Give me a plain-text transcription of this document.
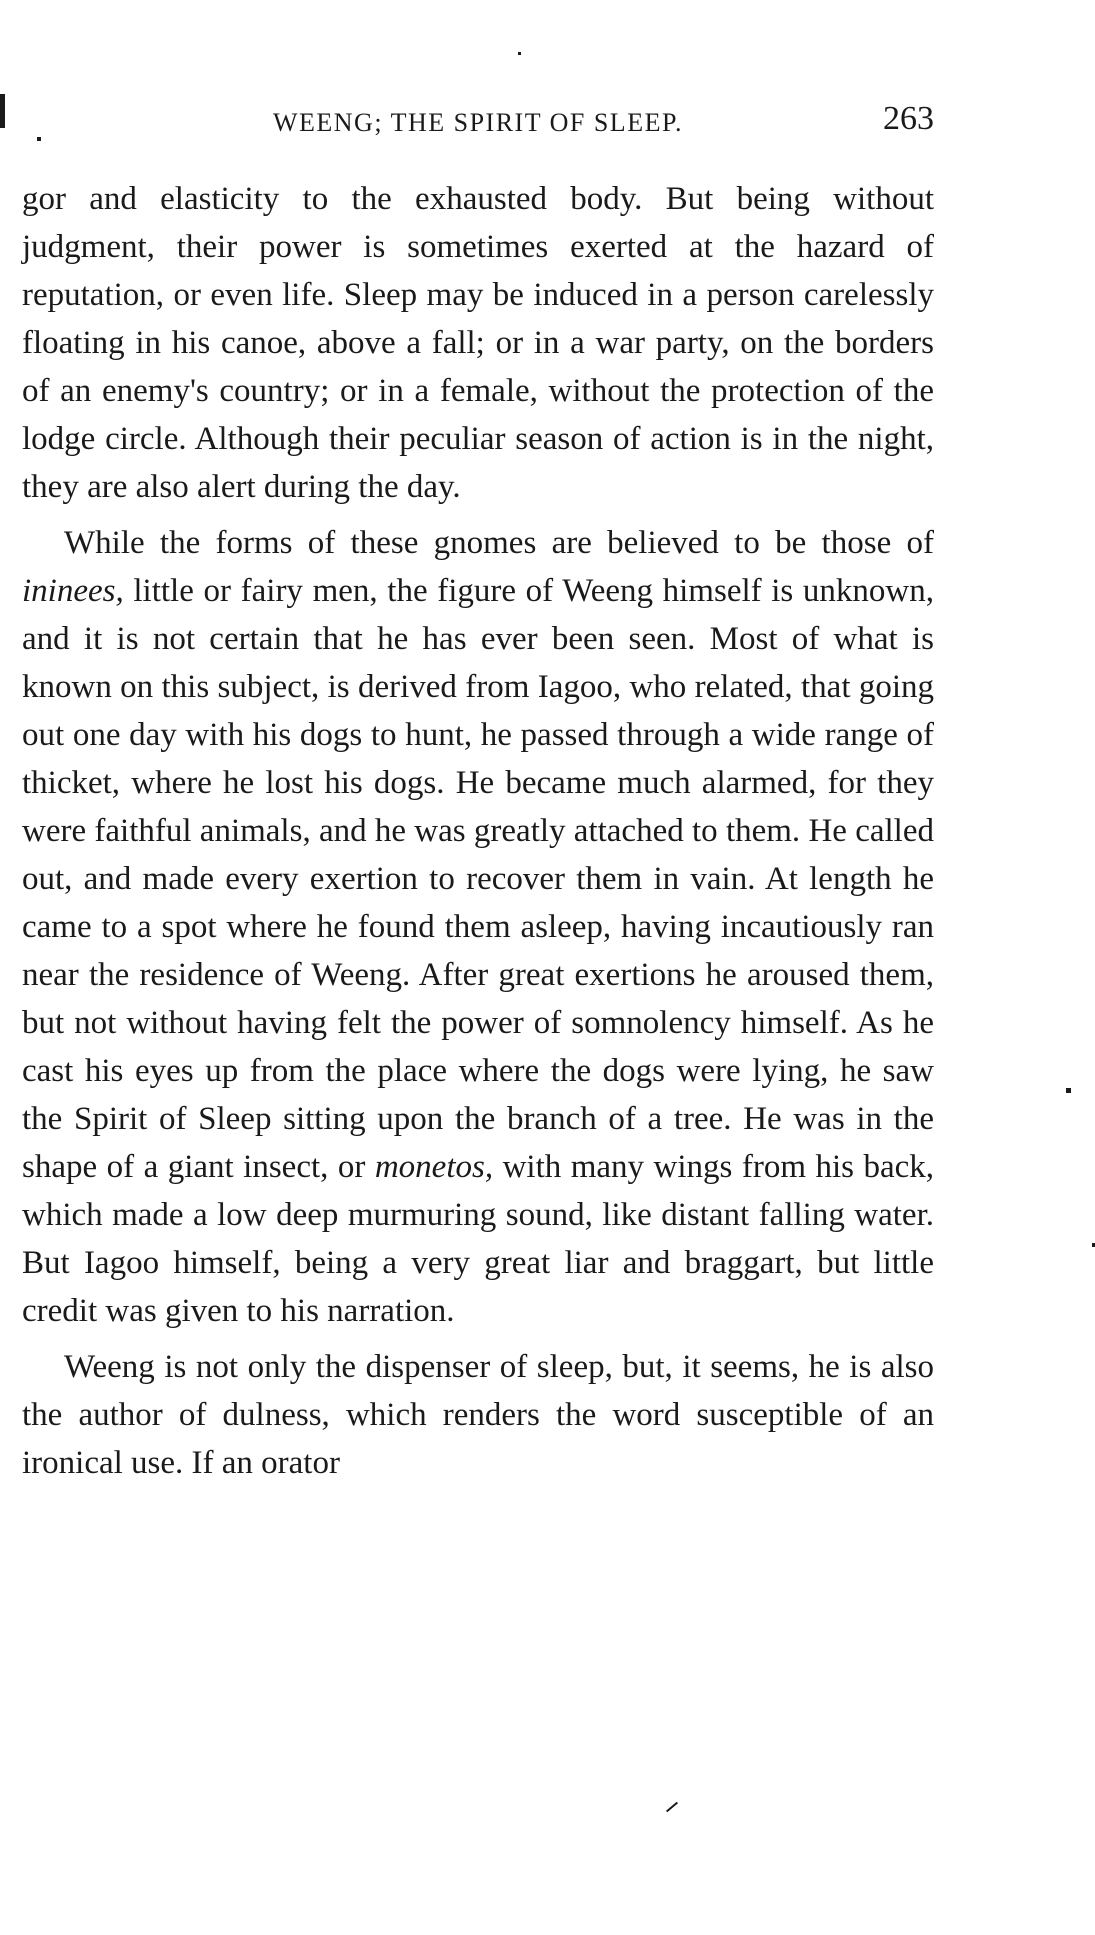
WEENG; THE SPIRIT OF SLEEP.	263

gor and elasticity to the exhausted body. But being without judgment, their power is sometimes exerted at the hazard of reputation, or even life. Sleep may be induced in a person carelessly floating in his canoe, above a fall; or in a war party, on the borders of an enemy's country; or in a female, without the protection of the lodge circle. Although their peculiar season of action is in the night, they are also alert during the day.

While the forms of these gnomes are believed to be those of ininees, little or fairy men, the figure of Weeng himself is unknown, and it is not certain that he has ever been seen. Most of what is known on this subject, is derived from Iagoo, who related, that going out one day with his dogs to hunt, he passed through a wide range of thicket, where he lost his dogs. He became much alarmed, for they were faithful animals, and he was greatly attached to them. He called out, and made every exertion to recover them in vain. At length he came to a spot where he found them asleep, having incautiously ran near the residence of Weeng. After great exertions he aroused them, but not without having felt the power of somnolency himself. As he cast his eyes up from the place where the dogs were lying, he saw the Spirit of Sleep sitting upon the branch of a tree. He was in the shape of a giant insect, or monetos, with many wings from his back, which made a low deep murmuring sound, like distant falling water. But Iagoo himself, being a very great liar and braggart, but little credit was given to his narration.

Weeng is not only the dispenser of sleep, but, it seems, he is also the author of dulness, which renders the word susceptible of an ironical use. If an orator
